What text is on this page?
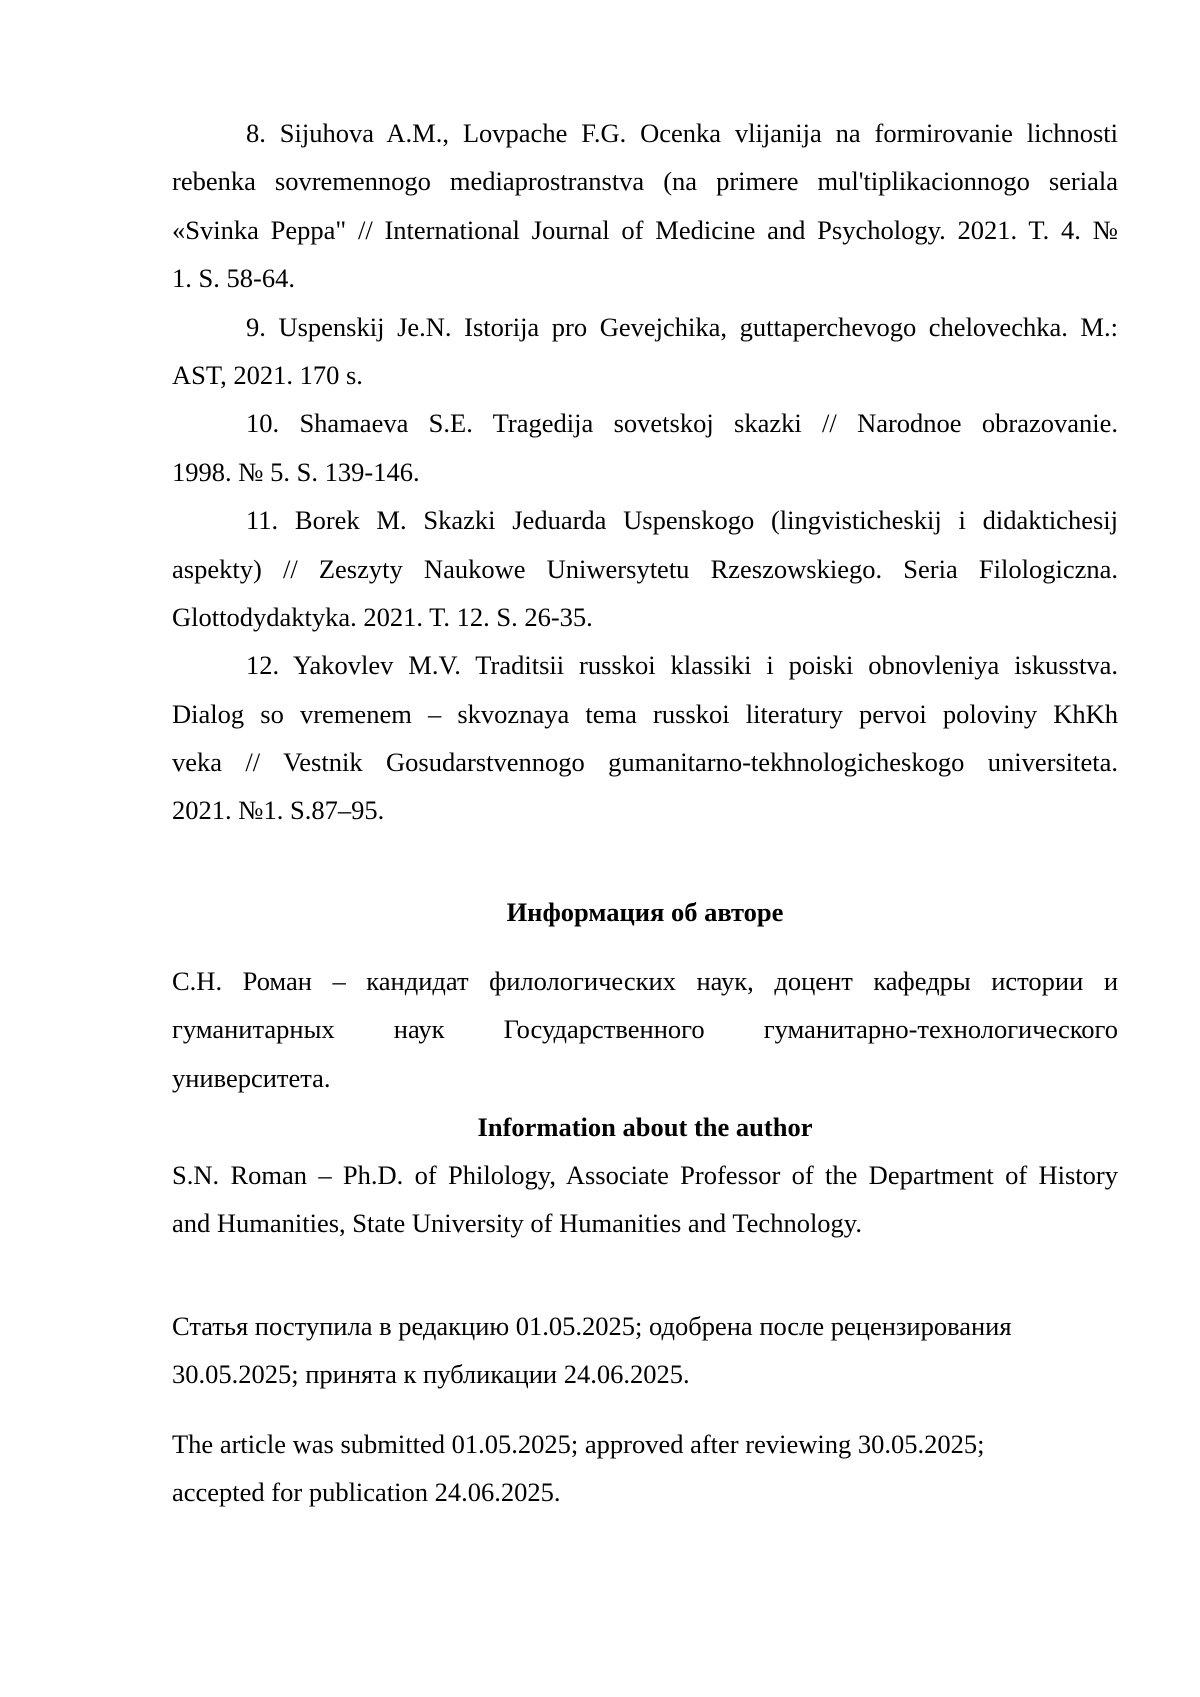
8. Sijuhova A.M., Lovpache F.G. Ocenka vlijanija na formirovanie lichnosti
rebenka sovremennogo mediaprostranstva (na primere mul'tiplikacionnogo seriala
«Svinka Peppa" // International Journal of Medicine and Psychology. 2021. T. 4. №
1. S. 58-64.
9. Uspenskij Je.N. Istorija pro Gevejchika, guttaperchevogo chelovechka. M.:
AST, 2021. 170 s.
10. Shamaeva S.E. Tragedija sovetskoj skazki // Narodnoe obrazovanie.
1998. № 5. S. 139-146.
11. Borek M. Skazki Jeduarda Uspenskogo (lingvisticheskij i didaktichesij
aspekty) // Zeszyty Naukowe Uniwersytetu Rzeszowskiego. Seria Filologiczna.
Glottodydaktyka. 2021. T. 12. S. 26-35.
12. Yakovlev M.V. Traditsii russkoi klassiki i poiski obnovleniya iskusstva.
Dialog so vremenem – skvoznaya tema russkoi literatury pervoi poloviny KhKh
veka // Vestnik Gosudarstvennogo gumanitarno-tekhnologicheskogo universiteta.
2021. №1. S.87–95.
Информация об авторе
С.Н. Роман – кандидат филологических наук, доцент кафедры истории и
гуманитарных наук Государственного гуманитарно-технологического
университета.
Information about the author
S.N. Roman – Ph.D. of Philology, Associate Professor of the Department of History
and Humanities, State University of Humanities and Technology.
Статья поступила в редакцию 01.05.2025; одобрена после рецензирования
30.05.2025; принята к публикации 24.06.2025.
The article was submitted 01.05.2025; approved after reviewing 30.05.2025;
accepted for publication 24.06.2025.
